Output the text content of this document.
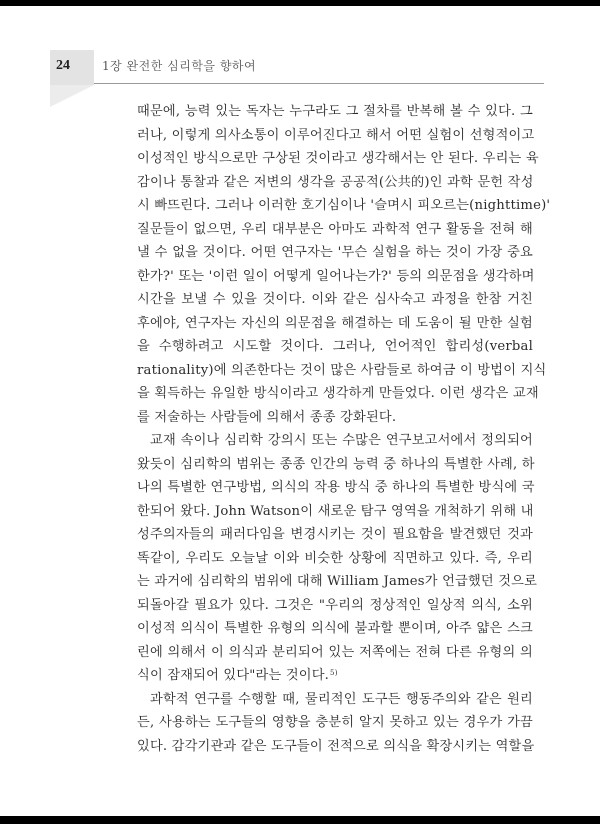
24	1장 완전한 심리학을 향하여
때문에, 능력 있는 독자는 누구라도 그 절차를 반복해 볼 수 있다. 그
러나, 이렇게 의사소통이 이루어진다고 해서 어떤 실험이 선형적이고
이성적인 방식으로만 구상된 것이라고 생각해서는 안 된다. 우리는 육
감이나 통찰과 같은 저변의 생각을 공공적(公共的)인 과학 문헌 작성
시 빠뜨린다. 그러나 이러한 호기심이나 '슬며시 피오르는(nighttime)'
질문들이 없으면, 우리 대부분은 아마도 과학적 연구 활동을 전혀 해
낼 수 없을 것이다. 어떤 연구자는 '무슨 실험을 하는 것이 가장 중요
한가?' 또는 '이런 일이 어떻게 일어나는가?' 등의 의문점을 생각하며
시간을 보낼 수 있을 것이다. 이와 같은 심사숙고 과정을 한참 거친
후에야, 연구자는 자신의 의문점을 해결하는 데 도움이 될 만한 실험
을 수행하려고 시도할 것이다. 그러나, 언어적인 합리성(verbal
rationality)에 의존한다는 것이 많은 사람들로 하여금 이 방법이 지식
을 획득하는 유일한 방식이라고 생각하게 만들었다. 이런 생각은 교재
를 저술하는 사람들에 의해서 종종 강화된다.
교재 속이나 심리학 강의시 또는 수많은 연구보고서에서 정의되어
왔듯이 심리학의 범위는 종종 인간의 능력 중 하나의 특별한 사례, 하
나의 특별한 연구방법, 의식의 작용 방식 중 하나의 특별한 방식에 국
한되어 왔다. John Watson이 새로운 탐구 영역을 개척하기 위해 내
성주의자들의 패러다임을 변경시키는 것이 필요함을 발견했던 것과
똑같이, 우리도 오늘날 이와 비슷한 상황에 직면하고 있다. 즉, 우리
는 과거에 심리학의 범위에 대해 William James가 언급했던 것으로
되돌아갈 필요가 있다. 그것은 "우리의 정상적인 일상적 의식, 소위
이성적 의식이 특별한 유형의 의식에 불과할 뿐이며, 아주 얇은 스크
린에 의해서 이 의식과 분리되어 있는 저쪽에는 전혀 다른 유형의 의
식이 잠재되어 있다"라는 것이다.$^{5)}$
과학적 연구를 수행할 때, 물리적인 도구든 행동주의와 같은 원리
든, 사용하는 도구들의 영향을 충분히 알지 못하고 있는 경우가 가끔
있다. 감각기관과 같은 도구들이 전적으로 의식을 확장시키는 역할을
